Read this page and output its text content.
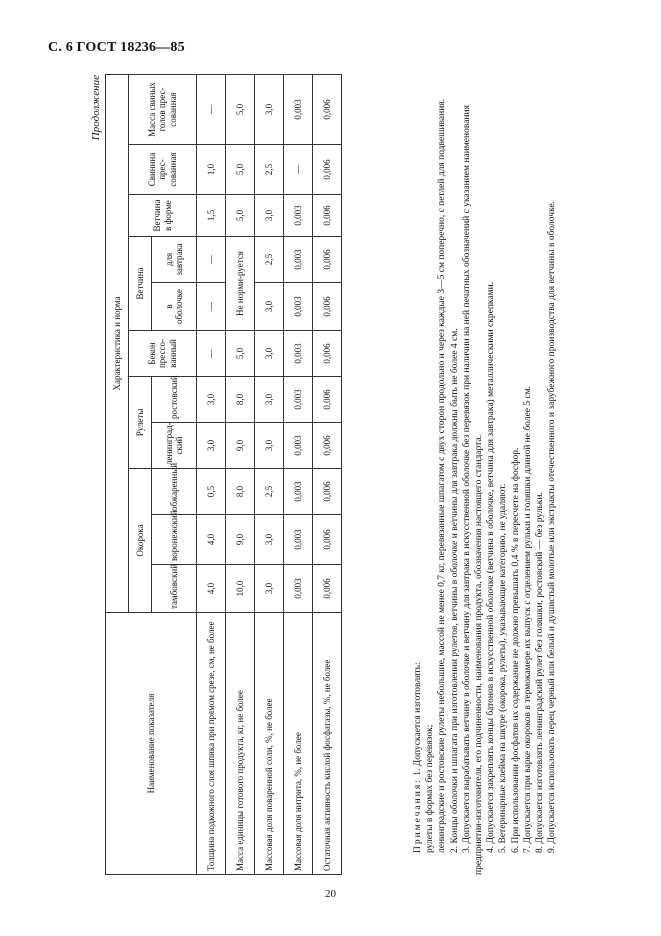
С. 6 ГОСТ 18236—85
Продолжение
Наименование показателя	Характеристика и норма										
	Окорока			Рулеты		Бекон прессо-ванный	Ветчина		Ветчина в форме	Свинина прес-сованная	Масса свиных голов прес-сованная
							в оболочке	для завтрака			
	тамбовский	воронежский	обжаренный	ленинград-ский	ростовский						
Толщина подкожного слоя шпика при прямом срезе, см, не более	4,0	4,0	0,5	3,0	3,0	—	—	—	1,5	1,0	—
Масса единицы готового продукта, кг, не более	10,0	9,0	8,0	9,0	8,0	5,0	Не норми-руется		5,0	5,0	5,0
Массовая доля поваренной соли, %, не более	3,0	3,0	2,5	3,0	3,0	3,0	3,0	2,5	3,0	2,5	3,0
Массовая доля нитрита, %, не более	0,003	0,003	0,003	0,003	0,003	0,003	0,003	0,003	0,003	—	0,003
Остаточная активность кислой фосфатазы, %, не более	0,006	0,006	0,006	0,006	0,006	0,006	0,006	0,006	0,006	0,006	0,006

Примечания: 1. Допускается изготовлять:

рулеты в формах без перевязок; ленинградские и ростовские рулеты небольшие, массой не менее 0,7 кг, перевязанные шпагатом с двух сторон продольно и через каждые 3—5 см поперечно, с петлей для подвешивания. 2. Концы оболочки и шпагата при изготовлении рулетов, ветчины в оболочке и ветчины для завтрака должны быть не более 4 см. 3. Допускается вырабатывать ветчину в оболочке и ветчину для завтрака в искусственной оболочке без перевязок при наличии на ней печатных обозначений с указанием наименования предприятия-изготовителя, его подчиненности, наименования продукта, обозначения настоящего стандарта. 4. Допускается закреплять концы батонов в искусственной оболочке (ветчина в оболочке, ветчина для завтрака) металлическими скрепками. 5. Ветеринарные клейма на шкуре (окорока, рулеты), указывающие категорию, не удаляют. 6. При использовании фосфатов их содержание не должно превышать 0,4 % в пересчете на фосфор. 7. Допускается при варке окороков в термокамере их выпуск с отделением рульки и голяшки длиной не более 5 см. 8. Допускается изготовлять ленинградский рулет без голяшки, ростовский — без рульки. 9. Допускается использовать перец черный или белый и душистый молотые или экстракты отечественного и зарубежного производства для ветчины в оболочке.

20
